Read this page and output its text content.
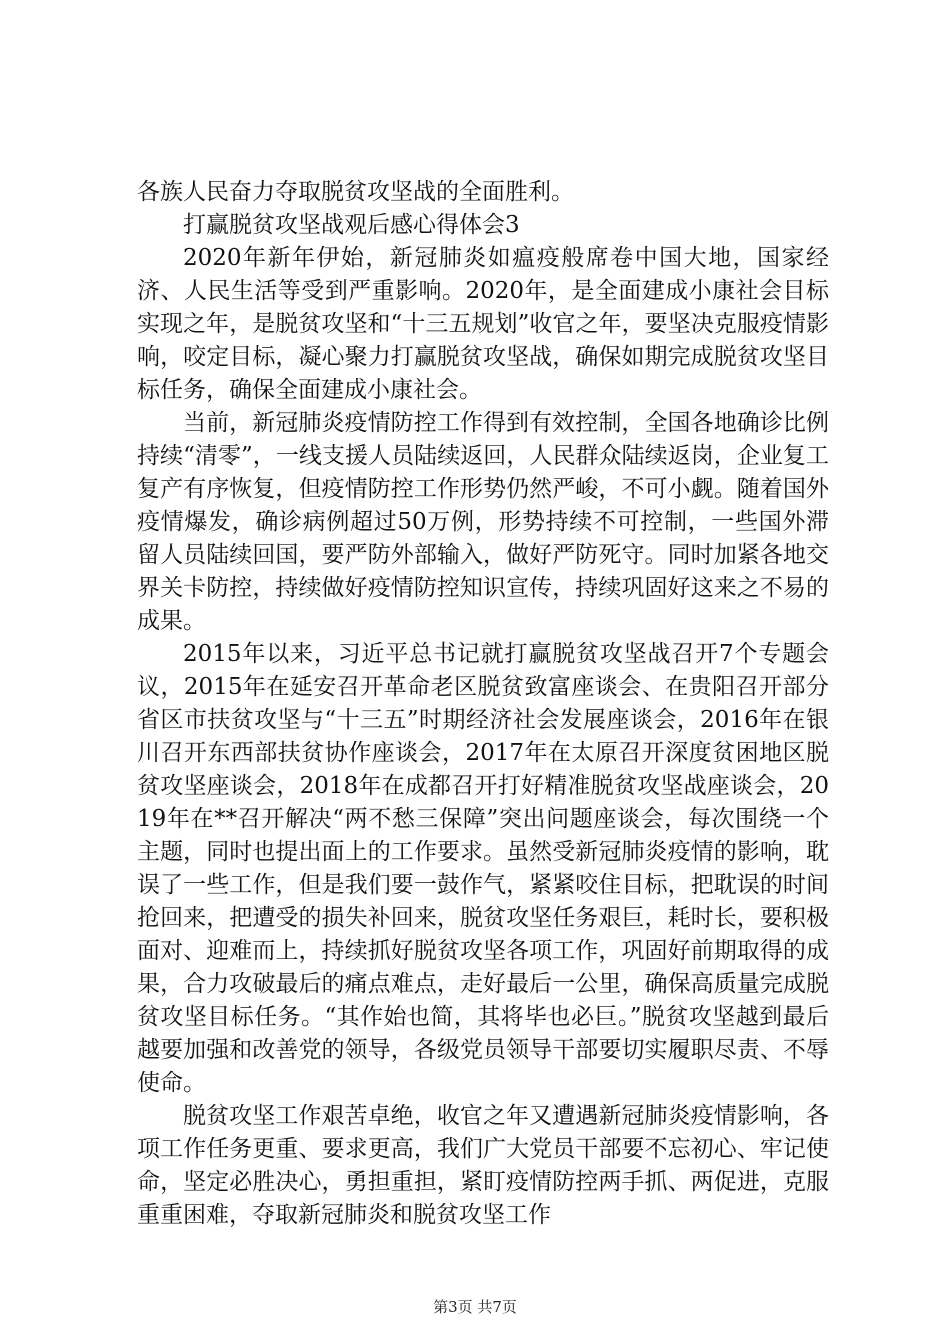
各族人民奋力夺取脱贫攻坚战的全面胜利。

打赢脱贫攻坚战观后感心得体会3

2020年新年伊始，新冠肺炎如瘟疫般席卷中国大地，国家经济、人民生活等受到严重影响。2020年，是全面建成小康社会目标实现之年，是脱贫攻坚和“十三五规划”收官之年，要坚决克服疫情影响，咬定目标，凝心聚力打赢脱贫攻坚战，确保如期完成脱贫攻坚目标任务，确保全面建成小康社会。

当前，新冠肺炎疫情防控工作得到有效控制，全国各地确诊比例持续“清零”，一线支援人员陆续返回，人民群众陆续返岗，企业复工复产有序恢复，但疫情防控工作形势仍然严峻，不可小觑。随着国外疫情爆发，确诊病例超过50万例，形势持续不可控制，一些国外滞留人员陆续回国，要严防外部输入，做好严防死守。同时加紧各地交界关卡防控，持续做好疫情防控知识宣传，持续巩固好这来之不易的成果。

2015年以来，习近平总书记就打赢脱贫攻坚战召开7个专题会议，2015年在延安召开革命老区脱贫致富座谈会、在贵阳召开部分省区市扶贫攻坚与“十三五”时期经济社会发展座谈会，2016年在银川召开东西部扶贫协作座谈会，2017年在太原召开深度贫困地区脱贫攻坚座谈会，2018年在成都召开打好精准脱贫攻坚战座谈会，2019年在**召开解决“两不愁三保障”突出问题座谈会，每次围绕一个主题，同时也提出面上的工作要求。虽然受新冠肺炎疫情的影响，耽误了一些工作，但是我们要一鼓作气，紧紧咬住目标，把耽误的时间抢回来，把遭受的损失补回来，脱贫攻坚任务艰巨，耗时长，要积极面对、迎难而上，持续抓好脱贫攻坚各项工作，巩固好前期取得的成果，合力攻破最后的痛点难点，走好最后一公里，确保高质量完成脱贫攻坚目标任务。“其作始也简，其将毕也必巨。”脱贫攻坚越到最后越要加强和改善党的领导，各级党员领导干部要切实履职尽责、不辱使命。

脱贫攻坚工作艰苦卓绝，收官之年又遭遇新冠肺炎疫情影响，各项工作任务更重、要求更高，我们广大党员干部要不忘初心、牢记使命，坚定必胜决心，勇担重担，紧盯疫情防控两手抓、两促进，克服重重困难，夺取新冠肺炎和脱贫攻坚工作

第3页 共7页
